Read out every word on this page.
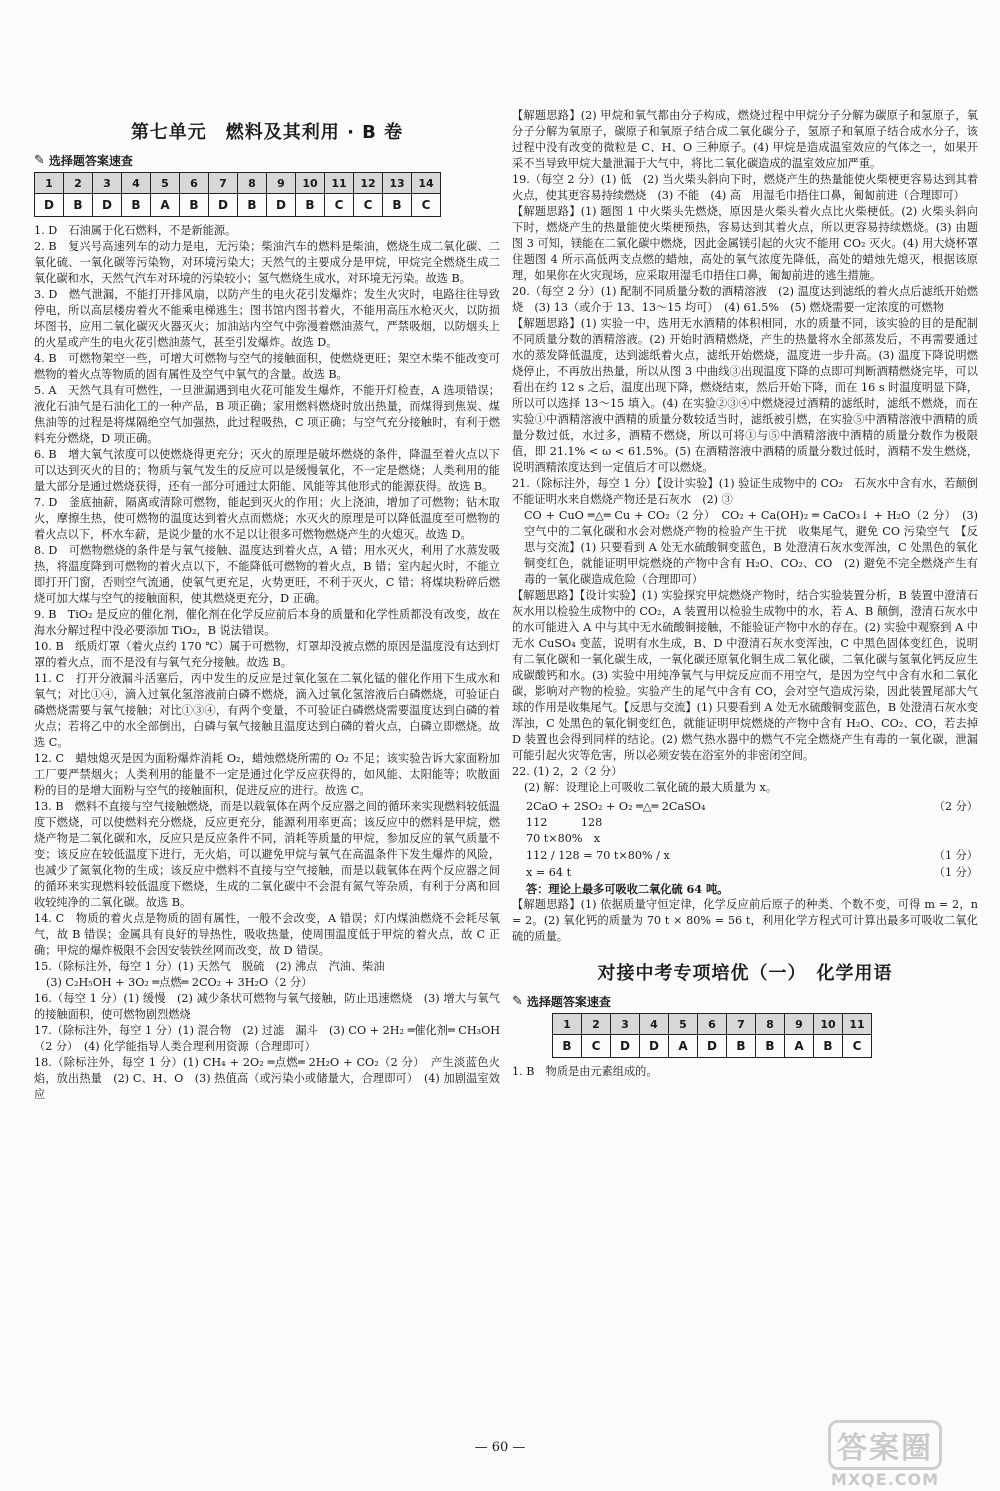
第七单元　燃料及其利用 · B 卷
✎ 选择题答案速查
1	2	3	4	5	6	7	8	9	10	11	12	13	14
D	B	D	B	A	B	D	B	D	B	C	C	B	C
1. D　石油属于化石燃料，不是新能源。
2. B　复兴号高速列车的动力是电，无污染；柴油汽车的燃料是柴油，燃烧生成二氧化碳、二氧化硫、一氧化碳等污染物，对环境污染大；天然气的主要成分是甲烷，甲烷完全燃烧生成二氧化碳和水，天然气汽车对环境的污染较小；氢气燃烧生成水，对环境无污染。故选 B。
3. D　燃气泄漏，不能打开排风扇，以防产生的电火花引发爆炸；发生火灾时，电路往往导致停电，所以高层楼房着火不能乘电梯逃生；图书馆内图书着火，不能用高压水枪灭火，以防损坏图书，应用二氧化碳灭火器灭火；加油站内空气中弥漫着燃油蒸气，严禁吸烟，以防烟头上的火星或产生的电火花引燃油蒸气，甚至引发爆炸。故选 D。
4. B　可燃物架空一些，可增大可燃物与空气的接触面积，使燃烧更旺；架空木柴不能改变可燃物的着火点等物质的固有属性及空气中氧气的含量。故选 B。
5. A　天然气具有可燃性，一旦泄漏遇到电火花可能发生爆炸，不能开灯检查，A 选项错误；液化石油气是石油化工的一种产品，B 项正确；家用燃料燃烧时放出热量，而煤得到焦炭、煤焦油等的过程是将煤隔绝空气加强热，此过程吸热，C 项正确；与空气充分接触时，有利于燃料充分燃烧，D 项正确。
6. B　增大氧气浓度可以使燃烧得更充分；灭火的原理是破坏燃烧的条件，降温至着火点以下可以达到灭火的目的；物质与氧气发生的反应可以是缓慢氧化，不一定是燃烧；人类利用的能量大部分是通过燃烧获得，还有一部分可通过太阳能、风能等其他形式的能源获得。故选 B。
7. D　釜底抽薪，隔离或清除可燃物，能起到灭火的作用；火上浇油，增加了可燃物；钻木取火，摩擦生热，使可燃物的温度达到着火点而燃烧；水灭火的原理是可以降低温度至可燃物的着火点以下，杯水车薪，是说少量的水不足以让很多可燃物燃烧产生的火熄灭。故选 D。
8. D　可燃物燃烧的条件是与氧气接触、温度达到着火点，A 错；用水灭火，利用了水蒸发吸热，将温度降到可燃物的着火点以下，不能降低可燃物的着火点，B 错；室内起火时，不能立即打开门窗，否则空气流通，使氧气更充足，火势更旺，不利于灭火，C 错；将煤块粉碎后燃烧可加大煤与空气的接触面积，使其燃烧更充分，D 正确。
9. B　TiO₂ 是反应的催化剂，催化剂在化学反应前后本身的质量和化学性质都没有改变，故在海水分解过程中没必要添加 TiO₂，B 说法错误。
10. B　纸质灯罩（着火点约 170 ℃）属于可燃物，灯罩却没被点燃的原因是温度没有达到灯罩的着火点，而不是没有与氧气充分接触。故选 B。
11. C　打开分液漏斗活塞后，丙中发生的反应是过氧化氢在二氧化锰的催化作用下生成水和氧气；对比①④，滴入过氧化氢溶液前白磷不燃烧，滴入过氧化氢溶液后白磷燃烧，可验证白磷燃烧需要与氧气接触；对比①③④，有两个变量，不可验证白磷燃烧需要温度达到白磷的着火点；若将乙中的水全部倒出，白磷与氧气接触且温度达到白磷的着火点，白磷立即燃烧。故选 C。
12. C　蜡烛熄灭是因为面粉爆炸消耗 O₂，蜡烛燃烧所需的 O₂ 不足；该实验告诉大家面粉加工厂要严禁烟火；人类利用的能量不一定是通过化学反应获得的，如风能、太阳能等；吹散面粉的目的是增大面粉与空气的接触面积，促进反应的进行。故选 C。
13. B　燃料不直接与空气接触燃烧，而是以载氧体在两个反应器之间的循环来实现燃料较低温度下燃烧，可以使燃料充分燃烧，反应更充分，能源利用率更高；该反应中的燃料是甲烷，燃烧产物是二氧化碳和水，反应只是反应条件不同，消耗等质量的甲烷，参加反应的氧气质量不变；该反应在较低温度下进行，无火焰，可以避免甲烷与氧气在高温条件下发生爆炸的风险，也减少了氮氧化物的生成；该反应中燃料不直接与空气接触，而是以载氧体在两个反应器之间的循环来实现燃料较低温度下燃烧，生成的二氧化碳中不会混有氮气等杂质，有利于分离和回收较纯净的二氧化碳。故选 B。
14. C　物质的着火点是物质的固有属性，一般不会改变，A 错误；灯内煤油燃烧不会耗尽氧气，故 B 错误；金属具有良好的导热性，吸收热量，使周围温度低于甲烷的着火点，故 C 正确；甲烷的爆炸极限不会因安装铁丝网而改变，故 D 错误。
15.（除标注外，每空 1 分）(1) 天然气　脱硫　(2) 沸点　汽油、柴油
(3) C₂H₅OH + 3O₂ ═点燃═ 2CO₂ + 3H₂O（2 分）
16.（每空 1 分）(1) 缓慢　(2) 减少条状可燃物与氧气接触，防止迅速燃烧　(3) 增大与氧气的接触面积，使可燃物剧烈燃烧
17.（除标注外，每空 1 分）(1) 混合物　(2) 过滤　漏斗　(3) CO + 2H₂ ═催化剂═ CH₃OH（2 分）　(4) 化学能指导人类合理利用资源（合理即可）
18.（除标注外，每空 1 分）(1) CH₄ + 2O₂ ═点燃═ 2H₂O + CO₂（2 分）　产生淡蓝色火焰，放出热量　(2) C、H、O　(3) 热值高（或污染小或储量大，合理即可）　(4) 加剧温室效应
【解题思路】(2) 甲烷和氧气都由分子构成，燃烧过程中甲烷分子分解为碳原子和氢原子，氧分子分解为氧原子，碳原子和氧原子结合成二氧化碳分子，氢原子和氧原子结合成水分子，该过程中没有改变的微粒是 C、H、O 三种原子。(4) 甲烷是造成温室效应的气体之一，如果开采不当导致甲烷大量泄漏于大气中，将比二氧化碳造成的温室效应加严重。
19.（每空 2 分）(1) 低　(2) 当火柴头斜向下时，燃烧产生的热量能使火柴梗更容易达到其着火点，使其更容易持续燃烧　(3) 不能　(4) 高　用湿毛巾捂住口鼻，匍匐前进（合理即可）
【解题思路】(1) 题图 1 中火柴头先燃烧，原因是火柴头着火点比火柴梗低。(2) 火柴头斜向下时，燃烧产生的热量能使火柴梗预热，容易达到其着火点，所以更容易持续燃烧。(3) 由题图 3 可知，镁能在二氧化碳中燃烧，因此金属镁引起的火灾不能用 CO₂ 灭火。(4) 用大烧杯罩住题图 4 所示高低两支点燃的蜡烛，高处的氧气浓度先降低，高处的蜡烛先熄灭，根据该原理，如果你在火灾现场，应采取用湿毛巾捂住口鼻，匍匐前进的逃生措施。
20.（每空 2 分）(1) 配制不同质量分数的酒精溶液　(2) 温度达到滤纸的着火点后滤纸开始燃烧　(3) 13（或介于 13、13～15 均可）　(4) 61.5%　(5) 燃烧需要一定浓度的可燃物
【解题思路】(1) 实验一中，选用无水酒精的体积相同，水的质量不同，该实验的目的是配制不同质量分数的酒精溶液。(2) 开始时酒精燃烧，产生的热量将水全部蒸发后，不再需要通过水的蒸发降低温度，达到滤纸着火点，滤纸开始燃烧，温度进一步升高。(3) 温度下降说明燃烧停止，不再放出热量，所以从图 3 中曲线③出现温度下降的点即可判断酒精燃烧完毕，可以看出在约 12 s 之后，温度出现下降，燃烧结束，然后开始下降，而在 16 s 时温度明显下降，所以可以选择 13～15 填入。(4) 在实验②③④中燃烧浸过酒精的滤纸时，滤纸不燃烧，而在实验①中酒精溶液中酒精的质量分数较适当时，滤纸被引燃，在实验⑤中酒精溶液中酒精的质量分数过低，水过多，酒精不燃烧，所以可将①与⑤中酒精溶液中酒精的质量分数作为极限值，即 21.1% < ω < 61.5%。(5) 在酒精溶液中酒精的质量分数过低时，酒精不发生燃烧，说明酒精浓度达到一定值后才可以燃烧。
21.（除标注外，每空 1 分）【设计实验】(1) 验证生成物中的 CO₂　石灰水中含有水，若颠倒不能证明水来自燃烧产物还是石灰水　(2) ③
CO + CuO ═△═ Cu + CO₂（2 分）　CO₂ + Ca(OH)₂ ═ CaCO₃↓ + H₂O（2 分）　(3) 空气中的二氧化碳和水会对燃烧产物的检验产生干扰　收集尾气，避免 CO 污染空气　【反思与交流】(1) 只要看到 A 处无水硫酸铜变蓝色，B 处澄清石灰水变浑浊，C 处黑色的氧化铜变红色，就能证明甲烷燃烧的产物中含有 H₂O、CO₂、CO　(2) 避免不完全燃烧产生有毒的一氧化碳造成危险（合理即可）
【解题思路】【设计实验】(1) 实验探究甲烷燃烧产物时，结合实验装置分析，B 装置中澄清石灰水用以检验生成物中的 CO₂，A 装置用以检验生成物中的水，若 A、B 颠倒，澄清石灰水中的水可能进入 A 中与其中无水硫酸铜接触，不能验证产物中水的存在。(2) 实验中观察到 A 中无水 CuSO₄ 变蓝，说明有水生成，B、D 中澄清石灰水变浑浊，C 中黑色固体变红色，说明有二氧化碳和一氧化碳生成，一氧化碳还原氧化铜生成二氧化碳，二氧化碳与氢氧化钙反应生成碳酸钙和水。(3) 实验中用纯净氧气与甲烷反应而不用空气，是因为空气中含有水和二氧化碳，影响对产物的检验。实验产生的尾气中含有 CO，会对空气造成污染，因此装置尾部大气球的作用是收集尾气。【反思与交流】(1) 只要看到 A 处无水硫酸铜变蓝色，B 处澄清石灰水变浑浊，C 处黑色的氧化铜变红色，就能证明甲烷燃烧的产物中含有 H₂O、CO₂、CO，若去掉 D 装置也会得到同样的结论。(2) 燃气热水器中的燃气不完全燃烧产生有毒的一氧化碳，泄漏可能引起火灾等危害，所以必须安装在浴室外的非密闭空间。
22. (1) 2，2（2 分）
(2) 解：设理论上可吸收二氧化硫的最大质量为 x。
2CaO + 2SO₂ + O₂ ═△═ 2CaSO₄	（2 分）
112　　　128
70 t×80%　x
112 / 128 = 70 t×80% / x	（1 分）
x = 64 t	（1 分）
答：理论上最多可吸收二氧化硫 64 吨。
【解题思路】(1) 依据质量守恒定律，化学反应前后原子的种类、个数不变，可得 m = 2，n = 2。(2) 氧化钙的质量为 70 t × 80% = 56 t，利用化学方程式可计算出最多可吸收二氧化硫的质量。
对接中考专项培优（一）　化学用语
✎ 选择题答案速查
1	2	3	4	5	6	7	8	9	10	11
B	C	D	D	A	D	B	B	A	B	C
1. B　物质是由元素组成的。
— 60 —	答案圈
MXQE.COM
